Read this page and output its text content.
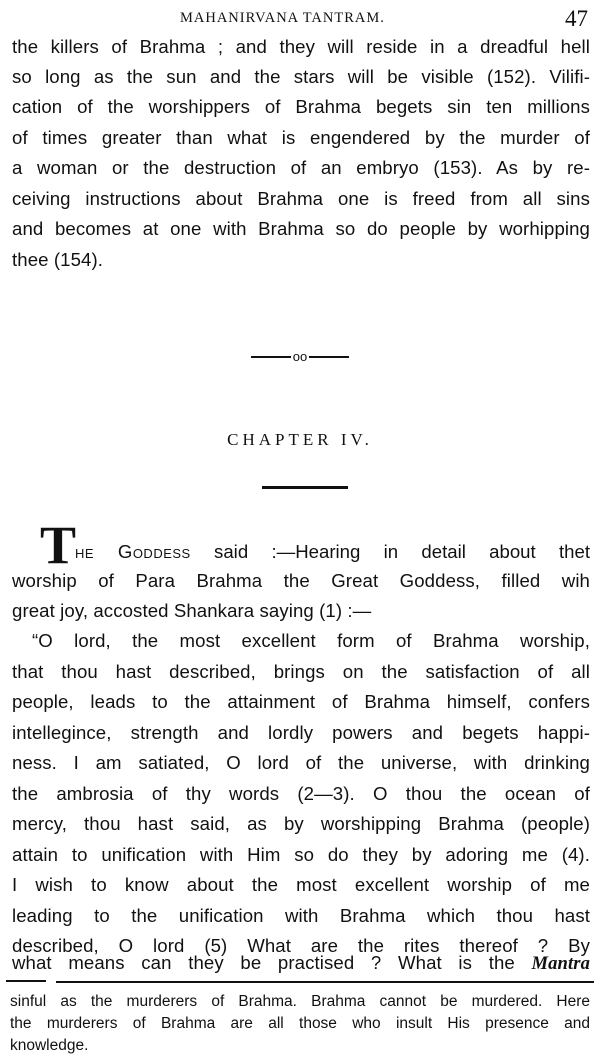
MAHANIRVANA TANTRAM.	47
the killers of Brahma ; and they will reside in a dreadful hell
so long as the sun and the stars will be visible (152). Vilifi-
cation of the worshippers of Brahma begets sin ten millions
of times greater than what is engendered by the murder of
a woman or the destruction of an embryo (153). As by re-
ceiving instructions about Brahma one is freed from all sins
and becomes at one with Brahma so do people by worhipping
thee (154).
oo
CHAPTER IV.
T
he Goddess said :—Hearing in detail about thet
worship of Para Brahma the Great Goddess, filled wih
great joy, accosted Shankara saying (1) :—
“O lord, the most excellent form of Brahma worship,
that thou hast described, brings on the satisfaction of all
people, leads to the attainment of Brahma himself, confers
intellegince, strength and lordly powers and begets happi-
ness. I am satiated, O lord of the universe, with drinking
the ambrosia of thy words (2—3). O thou the ocean of
mercy, thou hast said, as by worshipping Brahma (people)
attain to unification with Him so do they by adoring me (4).
I wish to know about the most excellent worship of me
leading to the unification with Brahma which thou hast
described, O lord (5) What are the rites thereof ? By
what means can they be practised ? What is the Mantra
sinful as the murderers of Brahma. Brahma cannot be murdered. Here
the murderers of Brahma are all those who insult His presence and
knowledge.
